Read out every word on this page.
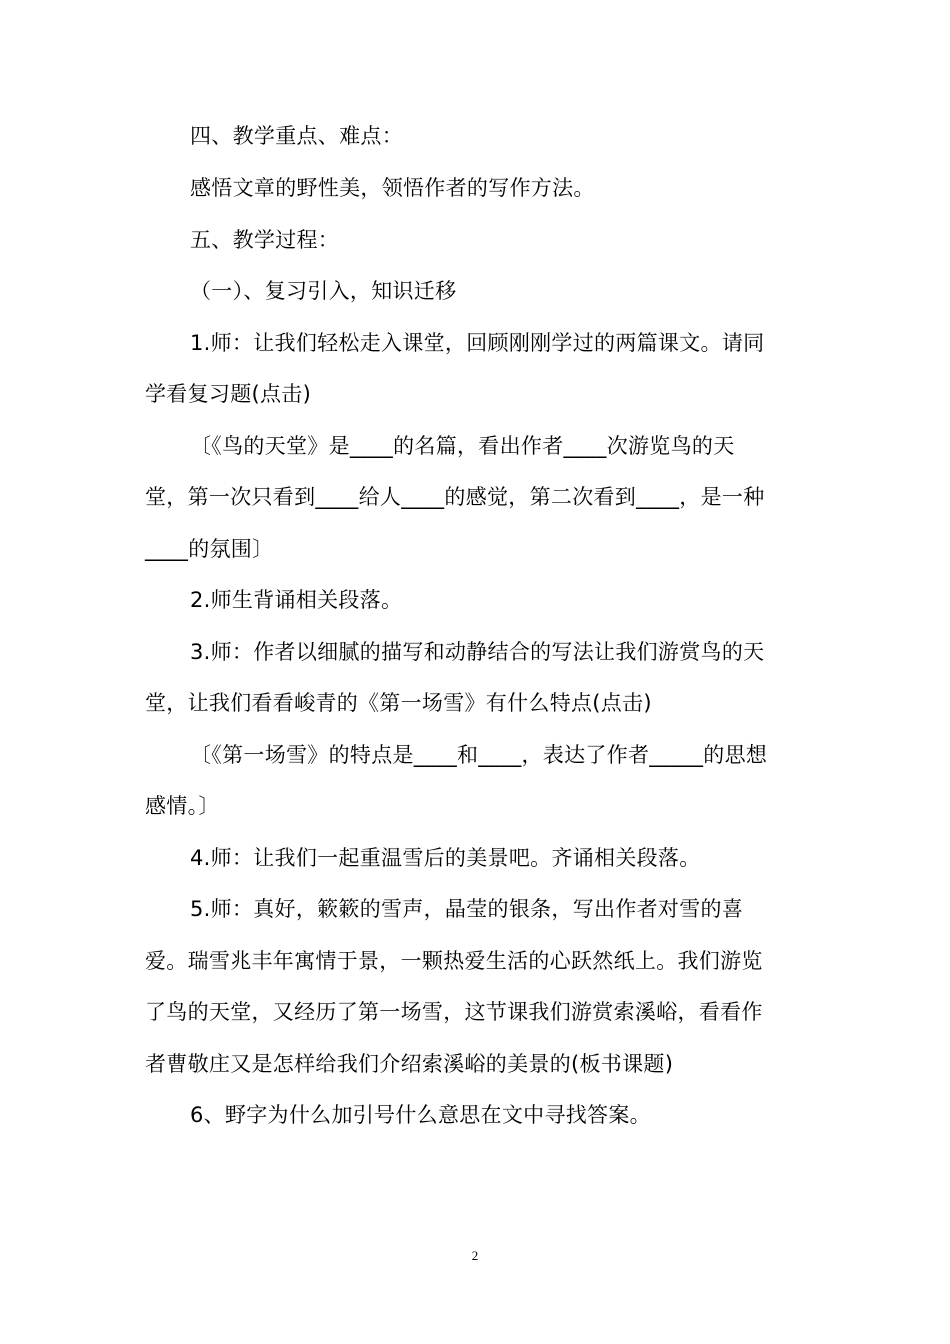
四、教学重点、难点：
感悟文章的野性美，领悟作者的写作方法。
五、教学过程：
（一）、复习引入，知识迁移
1.师：让我们轻松走入课堂，回顾刚刚学过的两篇课文。请同
学看复习题(点击)
〔《鸟的天堂》是____的名篇，看出作者____次游览鸟的天
堂，第一次只看到____给人____的感觉，第二次看到____，是一种
____的氛围〕
2.师生背诵相关段落。
3.师：作者以细腻的描写和动静结合的写法让我们游赏鸟的天
堂，让我们看看峻青的《第一场雪》有什么特点(点击)
〔《第一场雪》的特点是____和____，表达了作者_____的思想
感情。〕
4.师：让我们一起重温雪后的美景吧。齐诵相关段落。
5.师：真好，簌簌的雪声，晶莹的银条，写出作者对雪的喜
爱。瑞雪兆丰年寓情于景，一颗热爱生活的心跃然纸上。我们游览
了鸟的天堂，又经历了第一场雪，这节课我们游赏索溪峪，看看作
者曹敬庄又是怎样给我们介绍索溪峪的美景的(板书课题)
6、野字为什么加引号什么意思在文中寻找答案。
2
